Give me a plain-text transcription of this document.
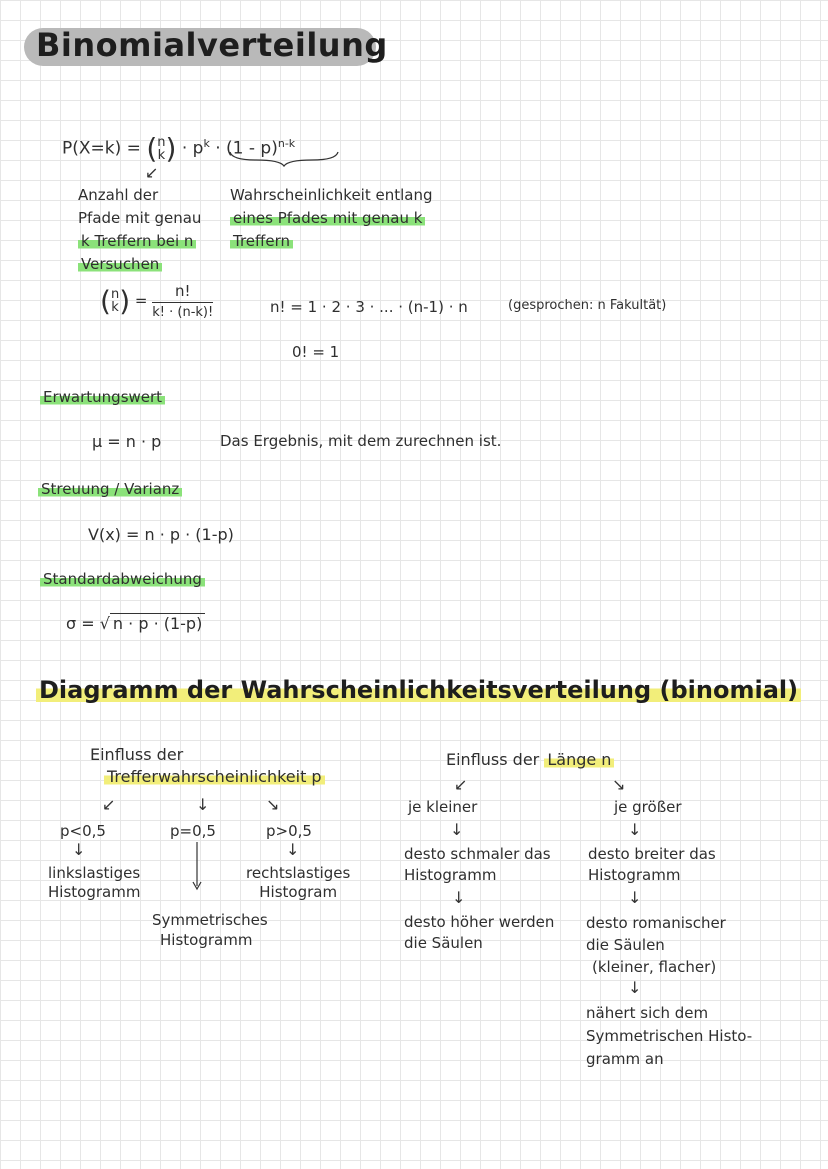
Binomialverteilung
P(X=k) = (n
$k) \cdot p^k \cdot (1 - p)^{n-k}$
↙
Anzahl der
Pfade mit genau
k Treffern bei n
Versuchen
Wahrscheinlichkeit entlang
eines Pfades mit genau k
Treffern
(n
$k) = \frac{n!}{k! \cdot (n-k)!}$	n! = 1 · 2 · 3 · ... · (n-1) · n	(gesprochen: n Fakultät)
0! = 1
Erwartungswert
μ = n · p	Das Ergebnis, mit dem zurechnen ist.
Streuung / Varianz
V(x) = n · p · (1-p)
Standardabweichung
σ = √ n · p · (1-p)
Diagramm der Wahrscheinlichkeitsverteilung (binomial)
Einfluss der
Trefferwahrscheinlichkeit p
↙	↓	↘
p<0,5	p=0,5	p>0,5
↓	↓
linkslastiges
Histogramm
rechtslastiges
Histogram
Symmetrisches
Histogramm
Einfluss der Länge n
↙	↘
je kleiner	je größer
↓	↓
desto schmaler das
Histogramm
desto breiter das
Histogramm
↓	↓
desto höher werden
die Säulen
desto romanischer
die Säulen
(kleiner, flacher)
↓
nähert sich dem
Symmetrischen Histo-
gramm an
